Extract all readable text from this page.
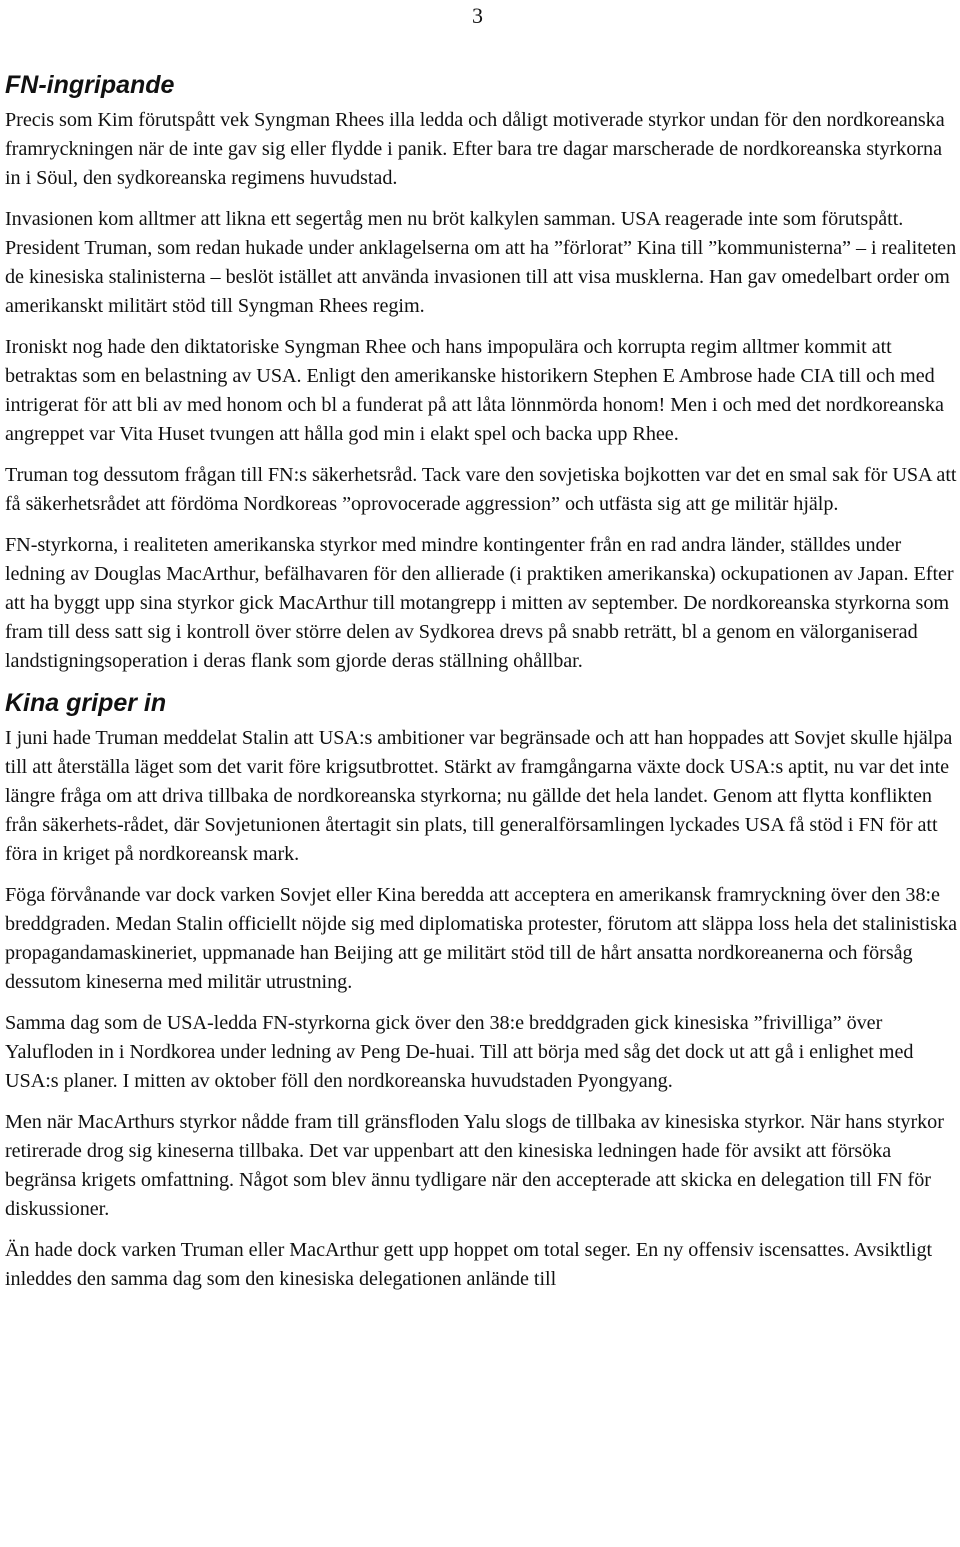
3
FN-ingripande

Precis som Kim förutspått vek Syngman Rhees illa ledda och dåligt motiverade styrkor undan för den nordkoreanska framryckningen när de inte gav sig eller flydde i panik. Efter bara tre dagar marscherade de nordkoreanska styrkorna in i Söul, den sydkoreanska regimens huvudstad.

Invasionen kom alltmer att likna ett segertåg men nu bröt kalkylen samman. USA reagerade inte som förutspått. President Truman, som redan hukade under anklagelserna om att ha ”förlorat” Kina till ”kommunisterna” – i realiteten de kinesiska stalinisterna – beslöt istället att använda invasionen till att visa musklerna. Han gav omedelbart order om amerikanskt militärt stöd till Syngman Rhees regim.

Ironiskt nog hade den diktatoriske Syngman Rhee och hans impopulära och korrupta regim alltmer kommit att betraktas som en belastning av USA. Enligt den amerikanske historikern Stephen E Ambrose hade CIA till och med intrigerat för att bli av med honom och bl a funderat på att låta lönnmörda honom! Men i och med det nordkoreanska angreppet var Vita Huset tvungen att hålla god min i elakt spel och backa upp Rhee.

Truman tog dessutom frågan till FN:s säkerhetsråd. Tack vare den sovjetiska bojkotten var det en smal sak för USA att få säkerhetsrådet att fördöma Nordkoreas ”oprovocerade aggression” och utfästa sig att ge militär hjälp.

FN-styrkorna, i realiteten amerikanska styrkor med mindre kontingenter från en rad andra länder, ställdes under ledning av Douglas MacArthur, befälhavaren för den allierade (i praktiken amerikanska) ockupationen av Japan. Efter att ha byggt upp sina styrkor gick MacArthur till motangrepp i mitten av september. De nordkoreanska styrkorna som fram till dess satt sig i kontroll över större delen av Sydkorea drevs på snabb reträtt, bl a genom en välorganiserad landstigningsoperation i deras flank som gjorde deras ställning ohållbar.

Kina griper in

I juni hade Truman meddelat Stalin att USA:s ambitioner var begränsade och att han hoppades att Sovjet skulle hjälpa till att återställa läget som det varit före krigsutbrottet. Stärkt av framgångarna växte dock USA:s aptit, nu var det inte längre fråga om att driva tillbaka de nordkoreanska styrkorna; nu gällde det hela landet. Genom att flytta konflikten från säkerhets-rådet, där Sovjetunionen återtagit sin plats, till generalförsamlingen lyckades USA få stöd i FN för att föra in kriget på nordkoreansk mark.

Föga förvånande var dock varken Sovjet eller Kina beredda att acceptera en amerikansk framryckning över den 38:e breddgraden. Medan Stalin officiellt nöjde sig med diplomatiska protester, förutom att släppa loss hela det stalinistiska propagandamaskineriet, uppmanade han Beijing att ge militärt stöd till de hårt ansatta nordkoreanerna och försåg dessutom kineserna med militär utrustning.

Samma dag som de USA-ledda FN-styrkorna gick över den 38:e breddgraden gick kinesiska ”frivilliga” över Yalufloden in i Nordkorea under ledning av Peng De-huai. Till att börja med såg det dock ut att gå i enlighet med USA:s planer. I mitten av oktober föll den nordkoreanska huvudstaden Pyongyang.

Men när MacArthurs styrkor nådde fram till gränsfloden Yalu slogs de tillbaka av kinesiska styrkor. När hans styrkor retirerade drog sig kineserna tillbaka. Det var uppenbart att den kinesiska ledningen hade för avsikt att försöka begränsa krigets omfattning. Något som blev ännu tydligare när den accepterade att skicka en delegation till FN för diskussioner.

Än hade dock varken Truman eller MacArthur gett upp hoppet om total seger. En ny offensiv iscensattes. Avsiktligt inleddes den samma dag som den kinesiska delegationen anlände till
